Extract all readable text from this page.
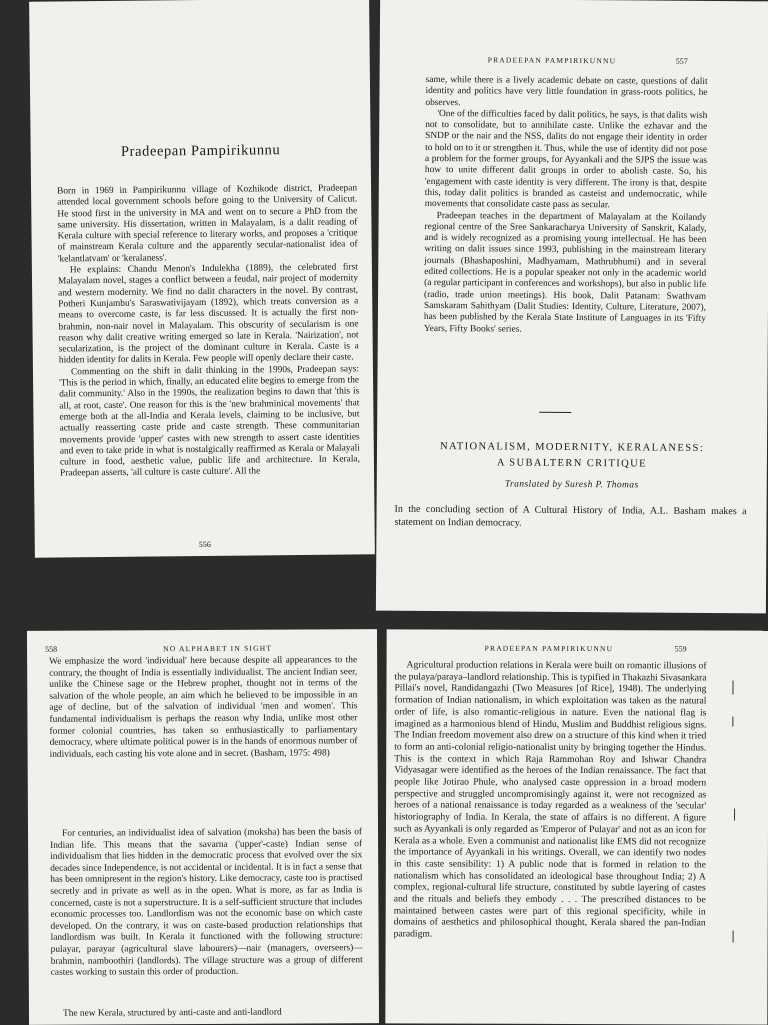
Pradeepan Pampirikunnu

Born in 1969 in Pampirikunnu village of Kozhikode district, Pradeepan attended local government schools before going to the University of Calicut. He stood first in the university in MA and went on to secure a PhD from the same university. His dissertation, written in Malayalam, is a dalit reading of Kerala culture with special reference to literary works, and proposes a 'critique of mainstream Kerala culture and the apparently secular-nationalist idea of 'kelantlatvam' or 'keralaness'.

He explains: Chandu Menon's Indulekha (1889), the celebrated first Malayalam novel, stages a conflict between a feudal, nair project of modernity and western modernity. We find no dalit characters in the novel. By contrast, Potheri Kunjambu's Saraswativijayam (1892), which treats conversion as a means to overcome caste, is far less discussed. It is actually the first non-brahmin, non-nair novel in Malayalam. This obscurity of secularism is one reason why dalit creative writing emerged so late in Kerala. 'Nairization', not secularization, is the project of the dominant culture in Kerala. Caste is a hidden identity for dalits in Kerala. Few people will openly declare their caste.

Commenting on the shift in dalit thinking in the 1990s, Pradeepan says: 'This is the period in which, finally, an educated elite begins to emerge from the dalit community.' Also in the 1990s, the realization begins to dawn that 'this is all, at root, caste'. One reason for this is the 'new brahminical movements' that emerge both at the all-India and Kerala levels, claiming to be inclusive, but actually reasserting caste pride and caste strength. These communitarian movements provide 'upper' castes with new strength to assert caste identities and even to take pride in what is nostalgically reaffirmed as Kerala or Malayali culture in food, aesthetic value, public life and architecture. In Kerala, Pradeepan asserts, 'all culture is caste culture'. All the

556
PRADEEPAN PAMPIRIKUNNU	557

same, while there is a lively academic debate on caste, questions of dalit identity and politics have very little foundation in grass-roots politics, he observes.

'One of the difficulties faced by dalit politics, he says, is that dalits wish not to consolidate, but to annihilate caste. Unlike the ezhavar and the SNDP or the nair and the NSS, dalits do not engage their identity in order to hold on to it or strengthen it. Thus, while the use of identity did not pose a problem for the former groups, for Ayyankali and the SJPS the issue was how to unite different dalit groups in order to abolish caste. So, his 'engagement with caste identity is very different. The irony is that, despite this, today dalit politics is branded as casteist and undemocratic, while movements that consolidate caste pass as secular.

Pradeepan teaches in the department of Malayalam at the Koilandy regional centre of the Sree Sankaracharya University of Sanskrit, Kalady, and is widely recognized as a promising young intellectual. He has been writing on dalit issues since 1993, publishing in the mainstream literary journals (Bhashaposhini, Madhyamam, Mathrubhumi) and in several edited collections. He is a popular speaker not only in the academic world (a regular participant in conferences and workshops), but also in public life (radio, trade union meetings). His book, Dalit Patanam: Swathvam Samskaram Sahithyam (Dalit Studies: Identity, Culture, Literature, 2007), has been published by the Kerala State Institute of Languages in its 'Fifty Years, Fifty Books' series.

NATIONALISM, MODERNITY, KERALANESS:
A SUBALTERN CRITIQUE
Translated by Suresh P. Thomas
In the concluding section of A Cultural History of India, A.L. Basham makes a statement on Indian democracy.
558	NO ALPHABET IN SIGHT
We emphasize the word 'individual' here because despite all appearances to the contrary, the thought of India is essentially individualist. The ancient Indian seer, unlike the Chinese sage or the Hebrew prophet, thought not in terms of the salvation of the whole people, an aim which he believed to be impossible in an age of decline, but of the salvation of individual 'men and women'. This fundamental individualism is perhaps the reason why India, unlike most other former colonial countries, has taken so enthusiastically to parliamentary democracy, where ultimate political power is in the hands of enormous number of individuals, each casting his vote alone and in secret. (Basham, 1975: 498)
For centuries, an individualist idea of salvation (moksha) has been the basis of Indian life. This means that the savarna ('upper'-caste) Indian sense of individualism that lies hidden in the democratic process that evolved over the six decades since Independence, is not accidental or incidental. It is in fact a sense that has been omnipresent in the region's history. Like democracy, caste too is practised secretly and in private as well as in the open. What is more, as far as India is concerned, caste is not a superstructure. It is a self-sufficient structure that includes economic processes too. Landlordism was not the economic base on which caste developed. On the contrary, it was on caste-based production relationships that landlordism was built. In Kerala it functioned with the following structure: pulayar, parayar (agricultural slave labourers)—nair (managers, overseers)—brahmin, namboothiri (landlords). The village structure was a group of different castes working to sustain this order of production.
The new Kerala, structured by anti-caste and anti-landlord
PRADEEPAN PAMPIRIKUNNU	559

Agricultural production relations in Kerala were built on romantic illusions of the pulaya/paraya–landlord relationship. This is typified in Thakazhi Sivasankara Pillai's novel, Randidangazhi (Two Measures [of Rice], 1948). The underlying formation of Indian nationalism, in which exploitation was taken as the natural order of life, is also romantic-religious in nature. Even the national flag is imagined as a harmonious blend of Hindu, Muslim and Buddhist religious signs. The Indian freedom movement also drew on a structure of this kind when it tried to form an anti-colonial religio-nationalist unity by bringing together the Hindus. This is the context in which Raja Rammohan Roy and Ishwar Chandra Vidyasagar were identified as the heroes of the Indian renaissance. The fact that people like Jotirao Phule, who analysed caste oppression in a broad modern perspective and struggled uncompromisingly against it, were not recognized as heroes of a national renaissance is today regarded as a weakness of the 'secular' historiography of India. In Kerala, the state of affairs is no different. A figure such as Ayyankali is only regarded as 'Emperor of Pulayar' and not as an icon for Kerala as a whole. Even a communist and nationalist like EMS did not recognize the importance of Ayyankali in his writings. Overall, we can identify two nodes in this caste sensibility: 1) A public node that is formed in relation to the nationalism which has consolidated an ideological base throughout India; 2) A complex, regional-cultural life structure, constituted by subtle layering of castes and the rituals and beliefs they embody . . . The prescribed distances to be maintained between castes were part of this regional specificity, while in domains of aesthetics and philosophical thought, Kerala shared the pan-Indian paradigm.
